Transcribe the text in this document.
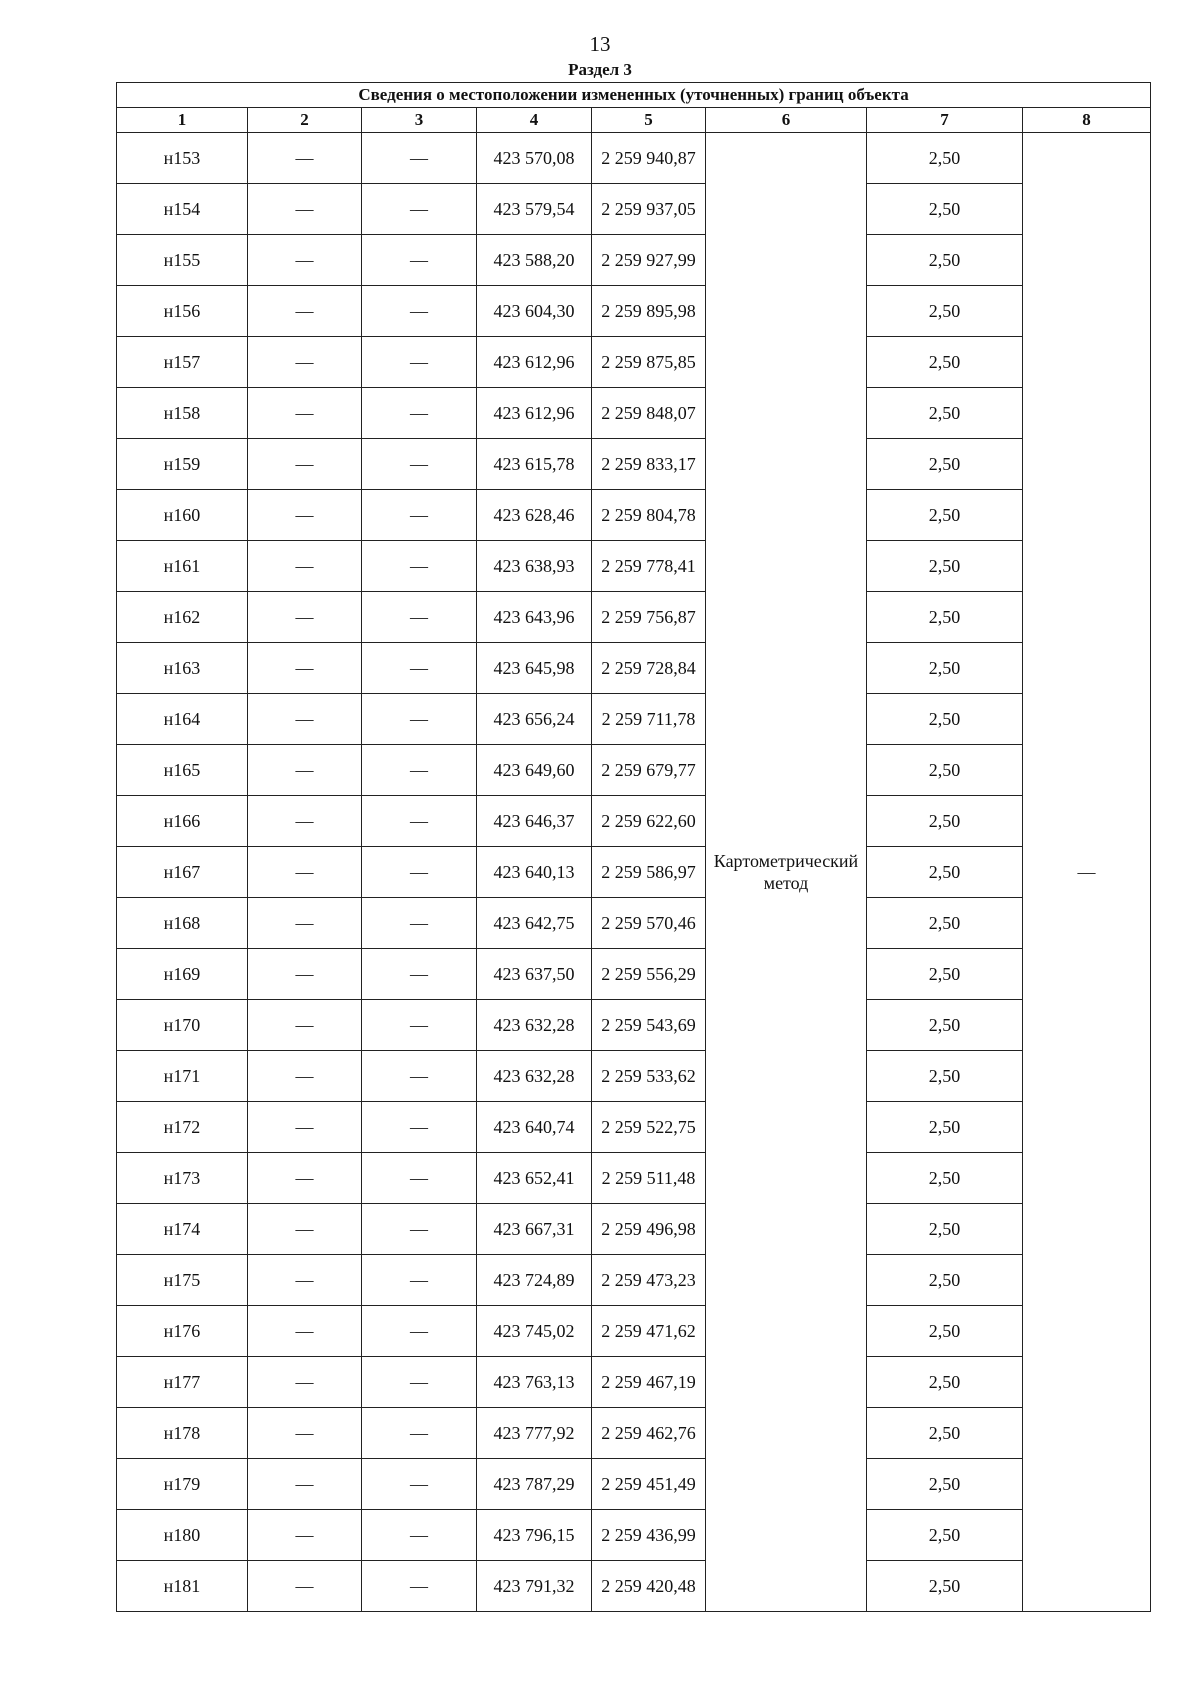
13
Раздел 3
Сведения о местоположении измененных (уточненных) границ объекта							
1	2	3	4	5	6	7	8
н153	—	—	423 570,08	2 259 940,87	Картометрический метод	2,50	—
н154	—	—	423 579,54	2 259 937,05		2,50	
н155	—	—	423 588,20	2 259 927,99		2,50	
н156	—	—	423 604,30	2 259 895,98		2,50	
н157	—	—	423 612,96	2 259 875,85		2,50	
н158	—	—	423 612,96	2 259 848,07		2,50	
н159	—	—	423 615,78	2 259 833,17		2,50	
н160	—	—	423 628,46	2 259 804,78		2,50	
н161	—	—	423 638,93	2 259 778,41		2,50	
н162	—	—	423 643,96	2 259 756,87		2,50	
н163	—	—	423 645,98	2 259 728,84		2,50	
н164	—	—	423 656,24	2 259 711,78		2,50	
н165	—	—	423 649,60	2 259 679,77		2,50	
н166	—	—	423 646,37	2 259 622,60		2,50	
н167	—	—	423 640,13	2 259 586,97		2,50	
н168	—	—	423 642,75	2 259 570,46		2,50	
н169	—	—	423 637,50	2 259 556,29		2,50	
н170	—	—	423 632,28	2 259 543,69		2,50	
н171	—	—	423 632,28	2 259 533,62		2,50	
н172	—	—	423 640,74	2 259 522,75		2,50	
н173	—	—	423 652,41	2 259 511,48		2,50	
н174	—	—	423 667,31	2 259 496,98		2,50	
н175	—	—	423 724,89	2 259 473,23		2,50	
н176	—	—	423 745,02	2 259 471,62		2,50	
н177	—	—	423 763,13	2 259 467,19		2,50	
н178	—	—	423 777,92	2 259 462,76		2,50	
н179	—	—	423 787,29	2 259 451,49		2,50	
н180	—	—	423 796,15	2 259 436,99		2,50	
н181	—	—	423 791,32	2 259 420,48		2,50	
